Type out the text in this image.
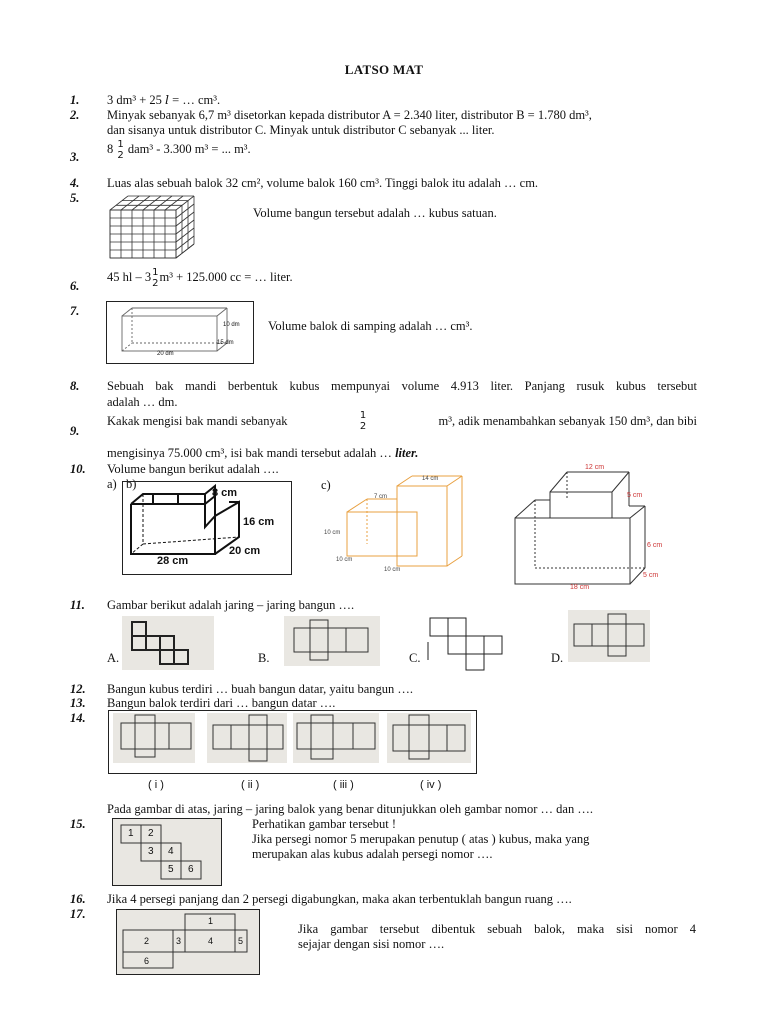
LATSO MAT
1. 3 dm³ + 25 𝑙 = … cm³.
2. Minyak sebanyak 6,7 m³ disetorkan kepada distributor A = 2.340 liter, distributor B = 1.780 dm³,
dan sisanya untuk distributor C. Minyak untuk distributor C sebanyak ... liter.
3.
8 1
2 dam³ - 3.300 m³ = ... m³.
4. Luas alas sebuah balok 32 cm², volume balok 160 cm³. Tinggi balok itu adalah … cm.
5.
Volume bangun tersebut adalah … kubus satuan.
6.
45 hl – 3 1
2 m³ + 125.000 cc = … liter.
7.
10 dm
15 dm
20 dm
Volume balok di samping adalah … cm³.
8. Sebuah bak mandi berbentuk kubus mempunyai volume 4.913 liter. Panjang rusuk kubus tersebut
adalah … dm.
9.
Kakak mengisi bak mandi sebanyak	1
2	m³, adik menambahkan sebanyak 150 dm³, dan bibi
mengisinya 75.000 cm³, isi bak mandi tersebut adalah … liter.
10. Volume bangun berikut adalah ….
a) b)
8 cm
16 cm
20 cm
28 cm
c)	14 cm
7 cm
10 cm
10 cm
10 cm
12 cm
5 cm
6 cm
5 cm
18 cm
11. Gambar berikut adalah jaring – jaring bangun ….
A.	B.	C.	D.
12. Bangun kubus terdiri … buah bangun datar, yaitu bangun ….
13. Bangun balok terdiri dari … bangun datar ….
14.
( i )	( ii )	( iii )	( iv )
Pada gambar di atas, jaring – jaring balok yang benar ditunjukkan oleh gambar nomor … dan ….
15.
1 2
3 4
5 6
Perhatikan gambar tersebut !
Jika persegi nomor 5 merupakan penutup ( atas ) kubus, maka yang
merupakan alas kubus adalah persegi nomor ….
16. Jika 4 persegi panjang dan 2 persegi digabungkan, maka akan terbentuklah bangun ruang ….
17.	1
2	3	4	5
6
Jika gambar tersebut dibentuk sebuah balok, maka sisi nomor 4
sejajar dengan sisi nomor ….
